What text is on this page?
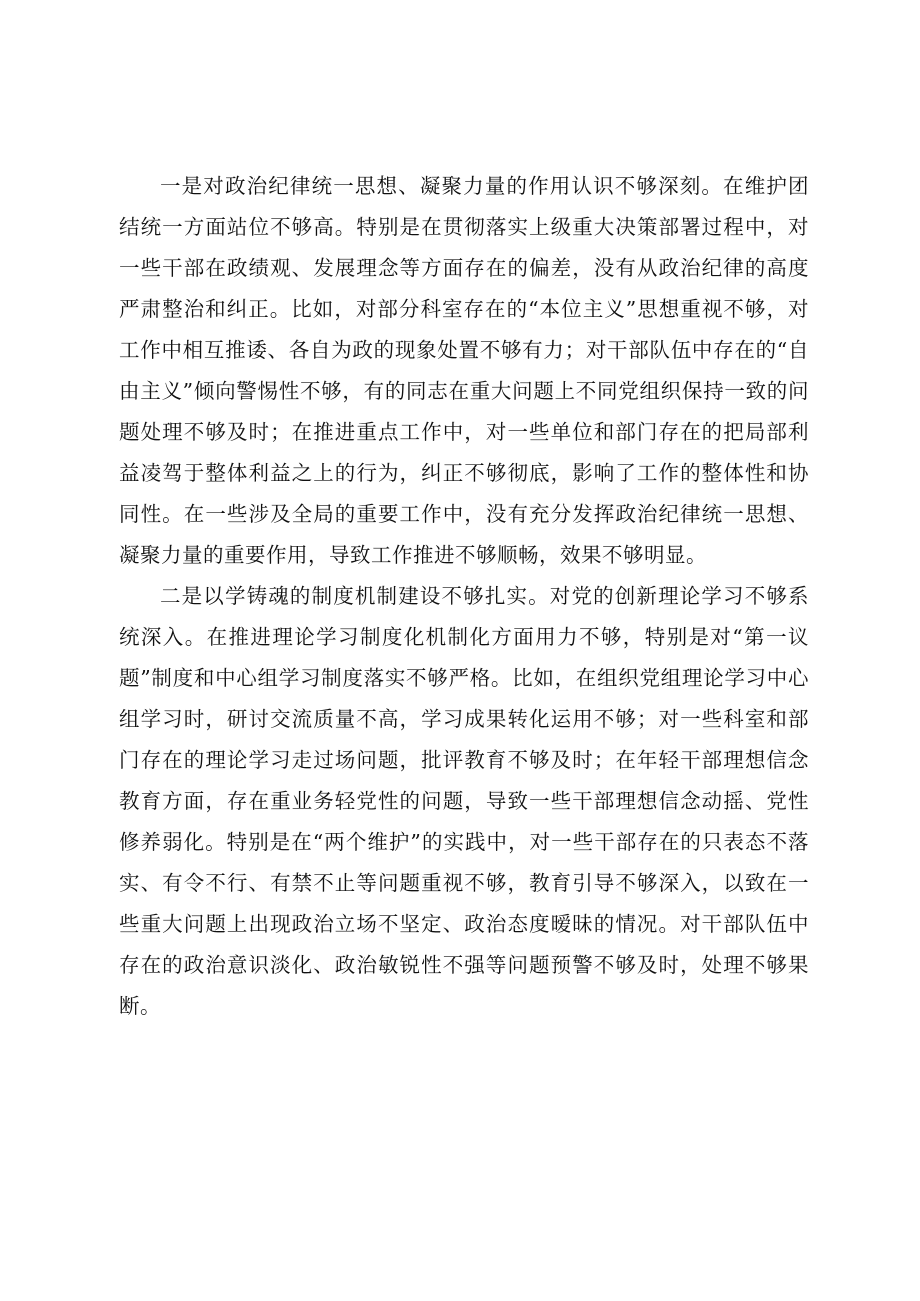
一是对政治纪律统一思想、凝聚力量的作用认识不够深刻。在维护团结统一方面站位不够高。特别是在贯彻落实上级重大决策部署过程中，对一些干部在政绩观、发展理念等方面存在的偏差，没有从政治纪律的高度严肃整治和纠正。比如，对部分科室存在的“本位主义”思想重视不够，对工作中相互推诿、各自为政的现象处置不够有力；对干部队伍中存在的“自由主义”倾向警惕性不够，有的同志在重大问题上不同党组织保持一致的问题处理不够及时；在推进重点工作中，对一些单位和部门存在的把局部利益凌驾于整体利益之上的行为，纠正不够彻底，影响了工作的整体性和协同性。在一些涉及全局的重要工作中，没有充分发挥政治纪律统一思想、凝聚力量的重要作用，导致工作推进不够顺畅，效果不够明显。

二是以学铸魂的制度机制建设不够扎实。对党的创新理论学习不够系统深入。在推进理论学习制度化机制化方面用力不够，特别是对“第一议题”制度和中心组学习制度落实不够严格。比如，在组织党组理论学习中心组学习时，研讨交流质量不高，学习成果转化运用不够；对一些科室和部门存在的理论学习走过场问题，批评教育不够及时；在年轻干部理想信念教育方面，存在重业务轻党性的问题，导致一些干部理想信念动摇、党性修养弱化。特别是在“两个维护”的实践中，对一些干部存在的只表态不落实、有令不行、有禁不止等问题重视不够，教育引导不够深入，以致在一些重大问题上出现政治立场不坚定、政治态度暧昧的情况。对干部队伍中存在的政治意识淡化、政治敏锐性不强等问题预警不够及时，处理不够果断。
